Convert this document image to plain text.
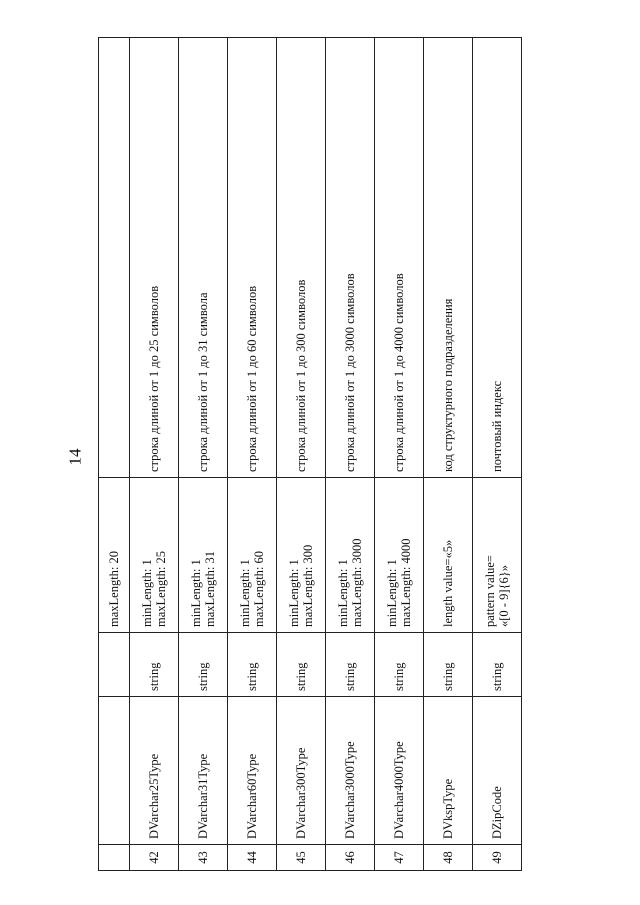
14

			maxLength: 20	

42	DVarchar25Type	string	minLength: 1 maxLength: 25	строка длиной от 1 до 25 символов
43	DVarchar31Type	string	minLength: 1 maxLength: 31	строка длиной от 1 до 31 символа
44	DVarchar60Type	string	minLength: 1 maxLength: 60	строка длиной от 1 до 60 символов
45	DVarchar300Type	string	minLength: 1 maxLength: 300	строка длиной от 1 до 300 символов
46	DVarchar3000Type	string	minLength: 1 maxLength: 3000	строка длиной от 1 до 3000 символов
47	DVarchar4000Type	string	minLength: 1 maxLength: 4000	строка длиной от 1 до 4000 символов
48	DVkspType	string	length value=«5»	код структурного подразделения
49	DZipCode	string	pattern value= «[0 - 9]{6}»	почтовый индекс
